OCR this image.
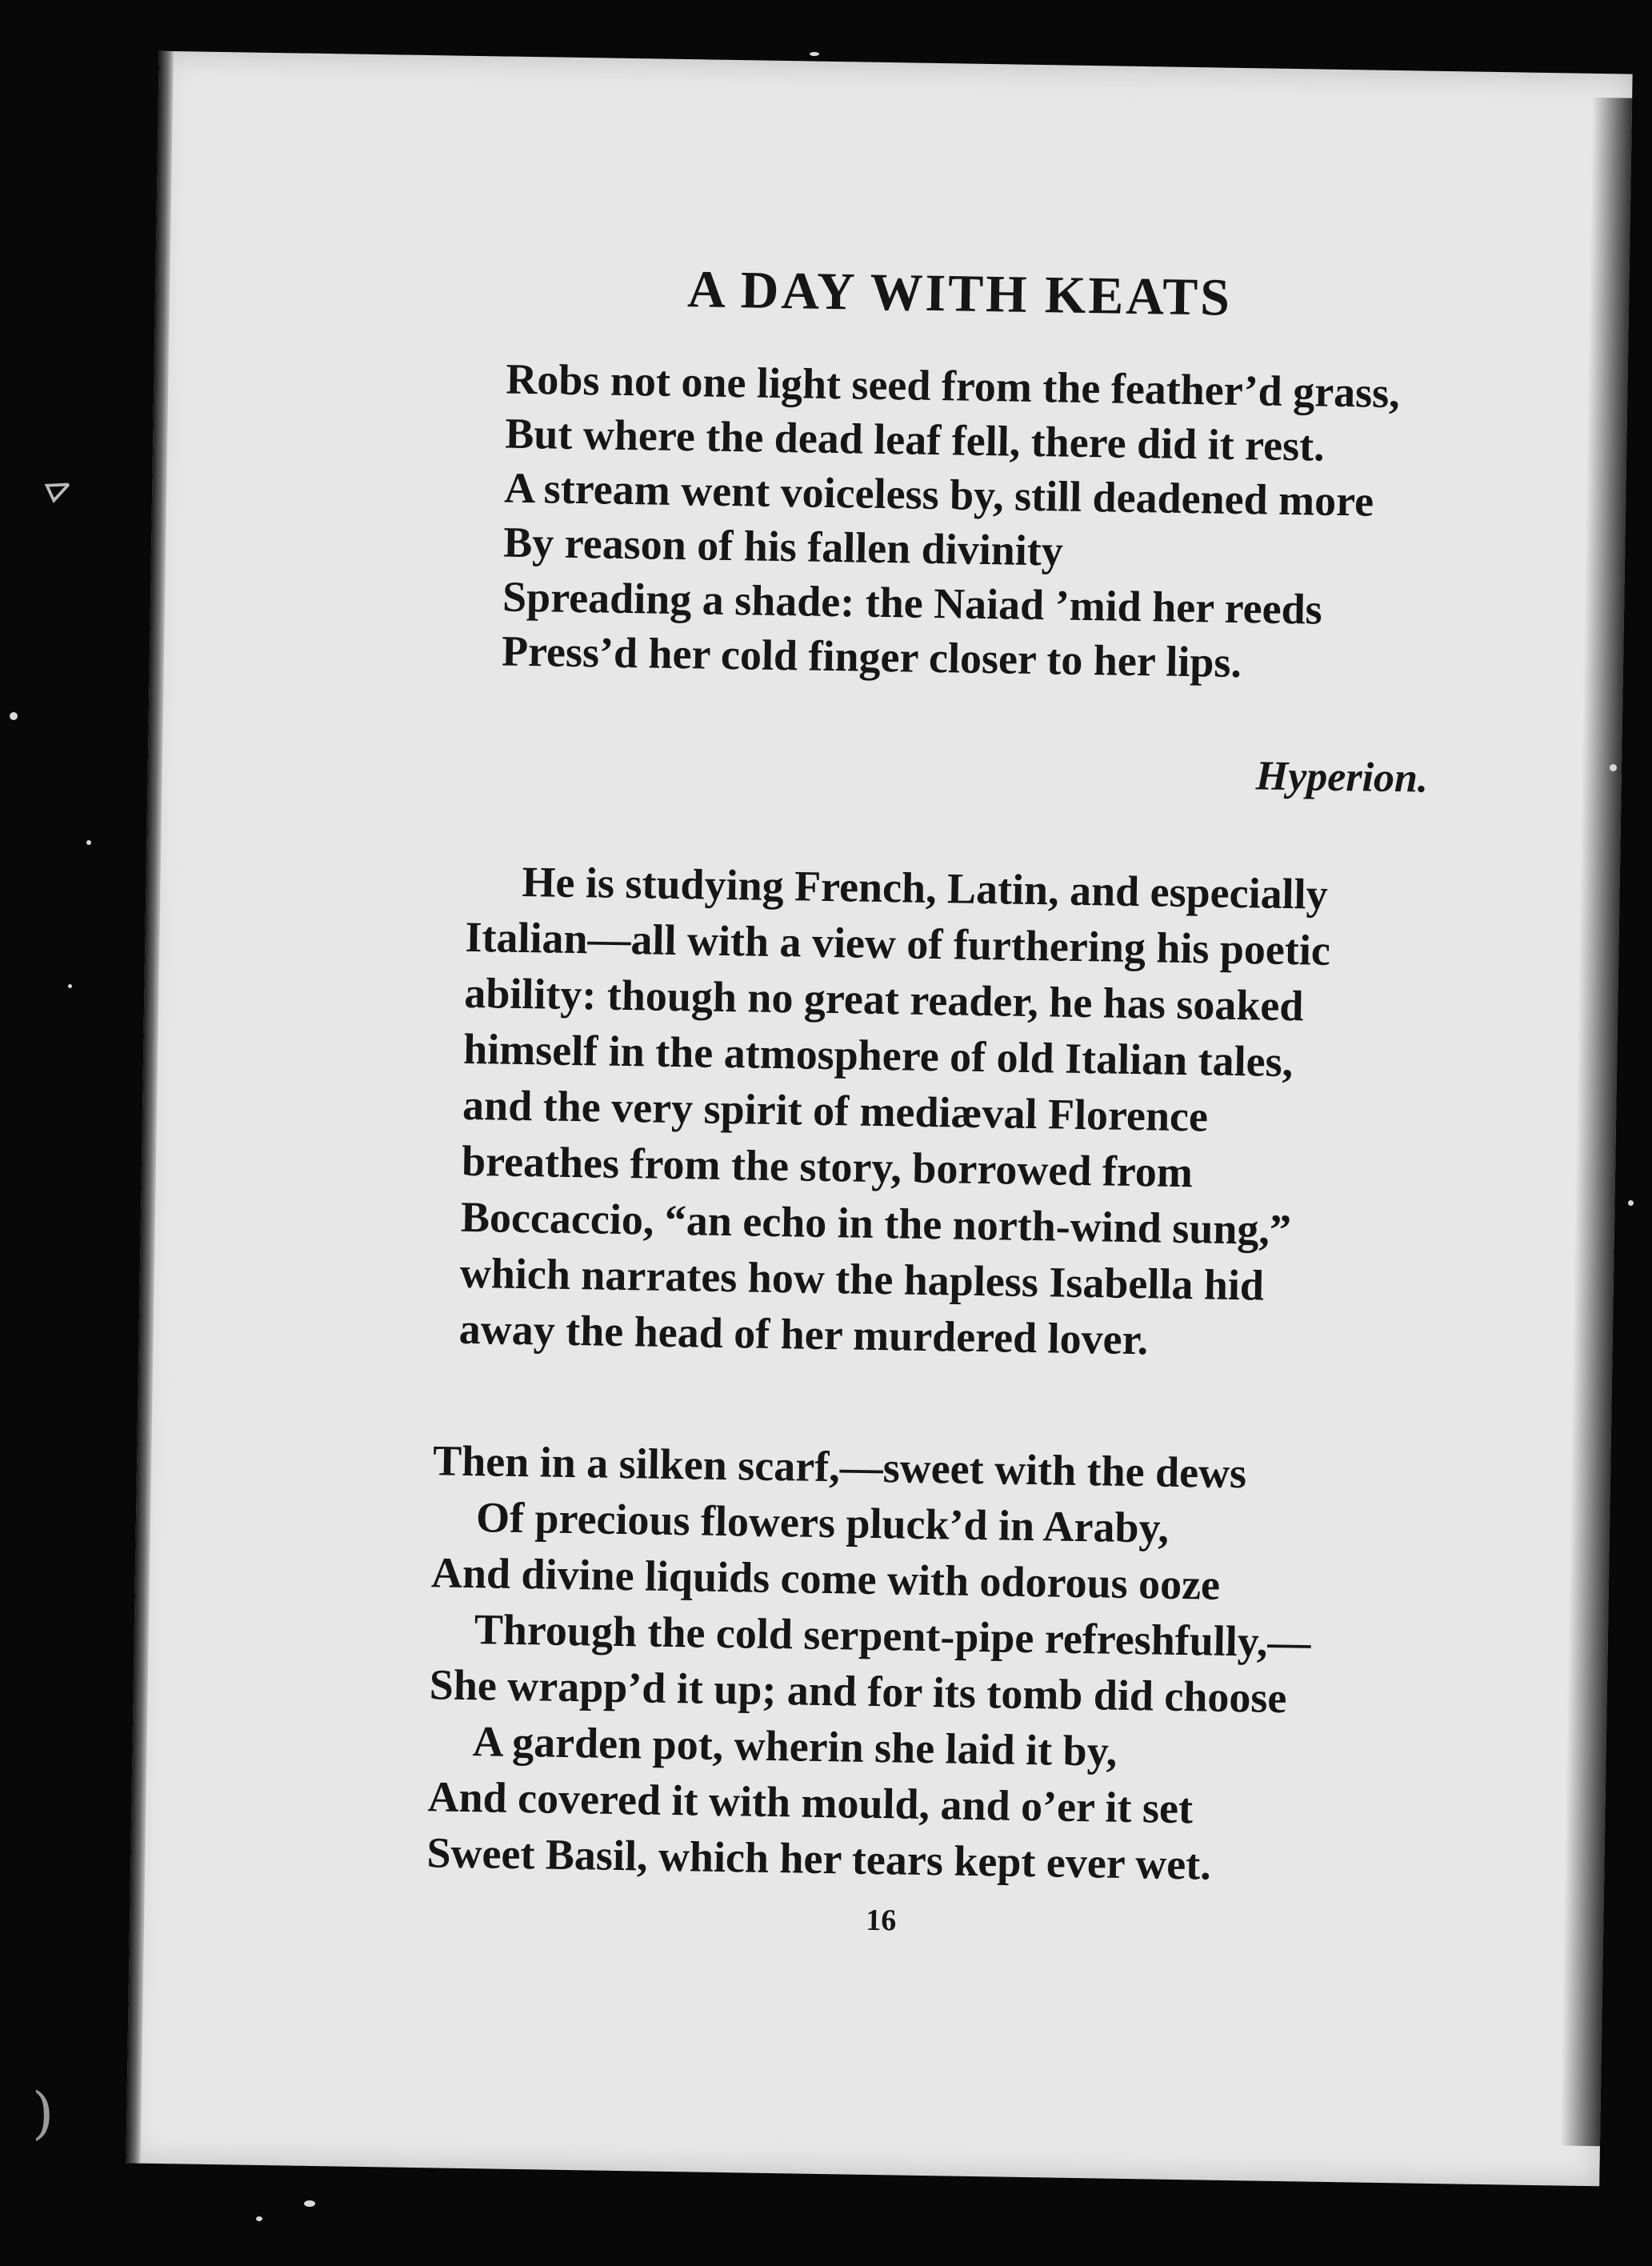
⊳
)
A DAY WITH KEATS

Robs not one light seed from the feather’d grass,

But where the dead leaf fell, there did it rest.

A stream went voiceless by, still deadened more

By reason of his fallen divinity

Spreading a shade: the Naiad ’mid her reeds

Press’d her cold finger closer to her lips.

Hyperion.

He is studying French, Latin, and especially

Italian—all with a view of furthering his poetic

ability: though no great reader, he has soaked

himself in the atmosphere of old Italian tales,

and the very spirit of mediæval Florence

breathes from the story, borrowed from

Boccaccio, “an echo in the north-wind sung,”

which narrates how the hapless Isabella hid

away the head of her murdered lover.

Then in a silken scarf,—sweet with the dews

Of precious flowers pluck’d in Araby,

And divine liquids come with odorous ooze

Through the cold serpent-pipe refreshfully,—

She wrapp’d it up; and for its tomb did choose

A garden pot, wherin she laid it by,

And covered it with mould, and o’er it set

Sweet Basil, which her tears kept ever wet.

16
